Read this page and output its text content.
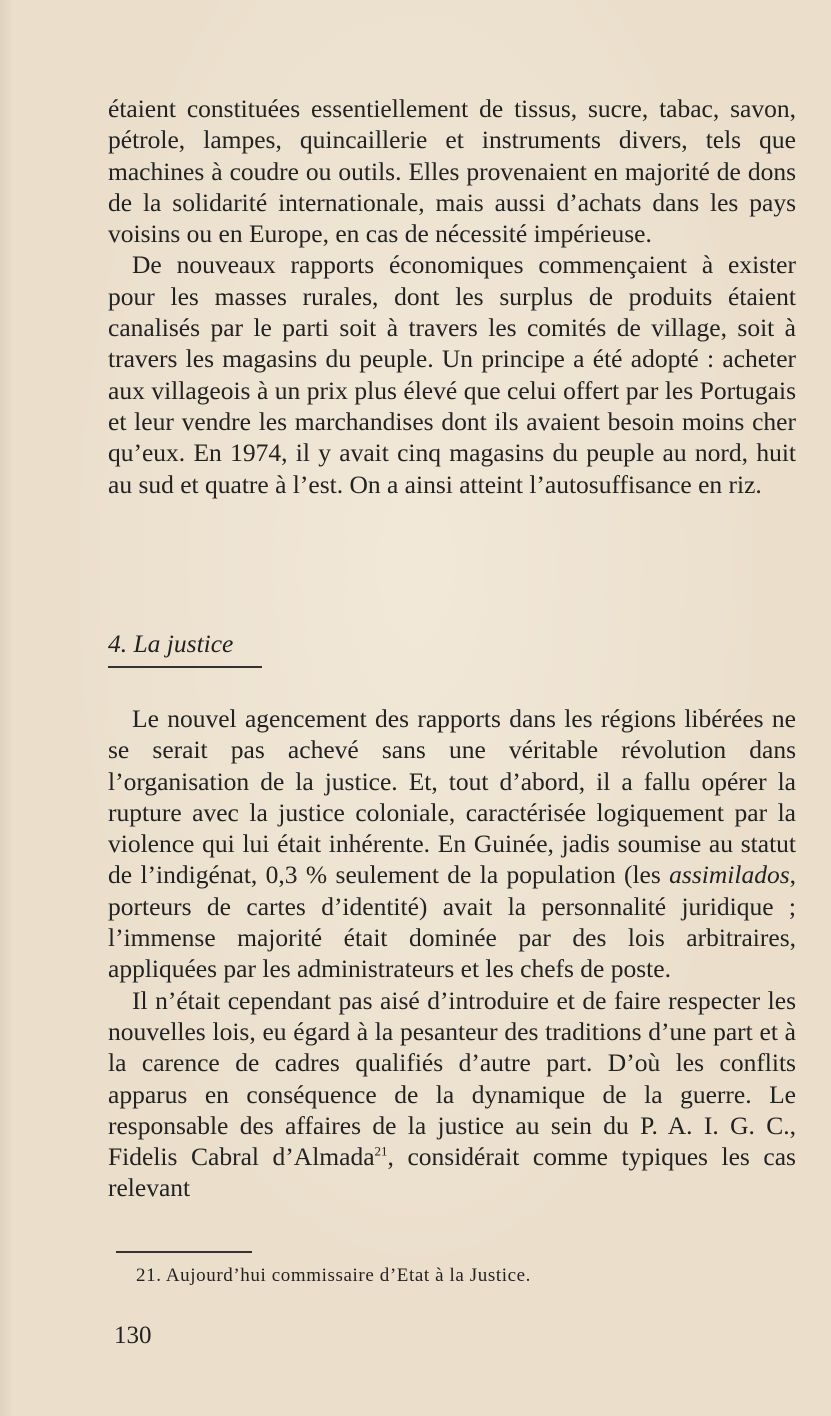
étaient constituées essentiellement de tissus, sucre, tabac, savon, pétrole, lampes, quincaillerie et instruments divers, tels que machines à coudre ou outils. Elles provenaient en majorité de dons de la solidarité internationale, mais aussi d’achats dans les pays voisins ou en Europe, en cas de nécessité impérieuse.

De nouveaux rapports économiques commençaient à exister pour les masses rurales, dont les surplus de produits étaient canalisés par le parti soit à travers les comités de village, soit à travers les magasins du peuple. Un principe a été adopté : acheter aux villageois à un prix plus élevé que celui offert par les Portugais et leur vendre les marchandises dont ils avaient besoin moins cher qu’eux. En 1974, il y avait cinq magasins du peuple au nord, huit au sud et quatre à l’est. On a ainsi atteint l’autosuffisance en riz.

4. La justice

Le nouvel agencement des rapports dans les régions libérées ne se serait pas achevé sans une véritable révolution dans l’organisation de la justice. Et, tout d’abord, il a fallu opérer la rupture avec la justice coloniale, caractérisée logiquement par la violence qui lui était inhérente. En Guinée, jadis soumise au statut de l’indigénat, 0,3 % seulement de la population (les assimilados, porteurs de cartes d’identité) avait la personnalité juridique ; l’immense majorité était dominée par des lois arbitraires, appliquées par les administrateurs et les chefs de poste.

Il n’était cependant pas aisé d’introduire et de faire respecter les nouvelles lois, eu égard à la pesanteur des traditions d’une part et à la carence de cadres qualifiés d’autre part. D’où les conflits apparus en conséquence de la dynamique de la guerre. Le responsable des affaires de la justice au sein du P. A. I. G. C., Fidelis Cabral d’Almada$^{21}$, considérait comme typiques les cas relevant

21. Aujourd’hui commissaire d’Etat à la Justice.

130
